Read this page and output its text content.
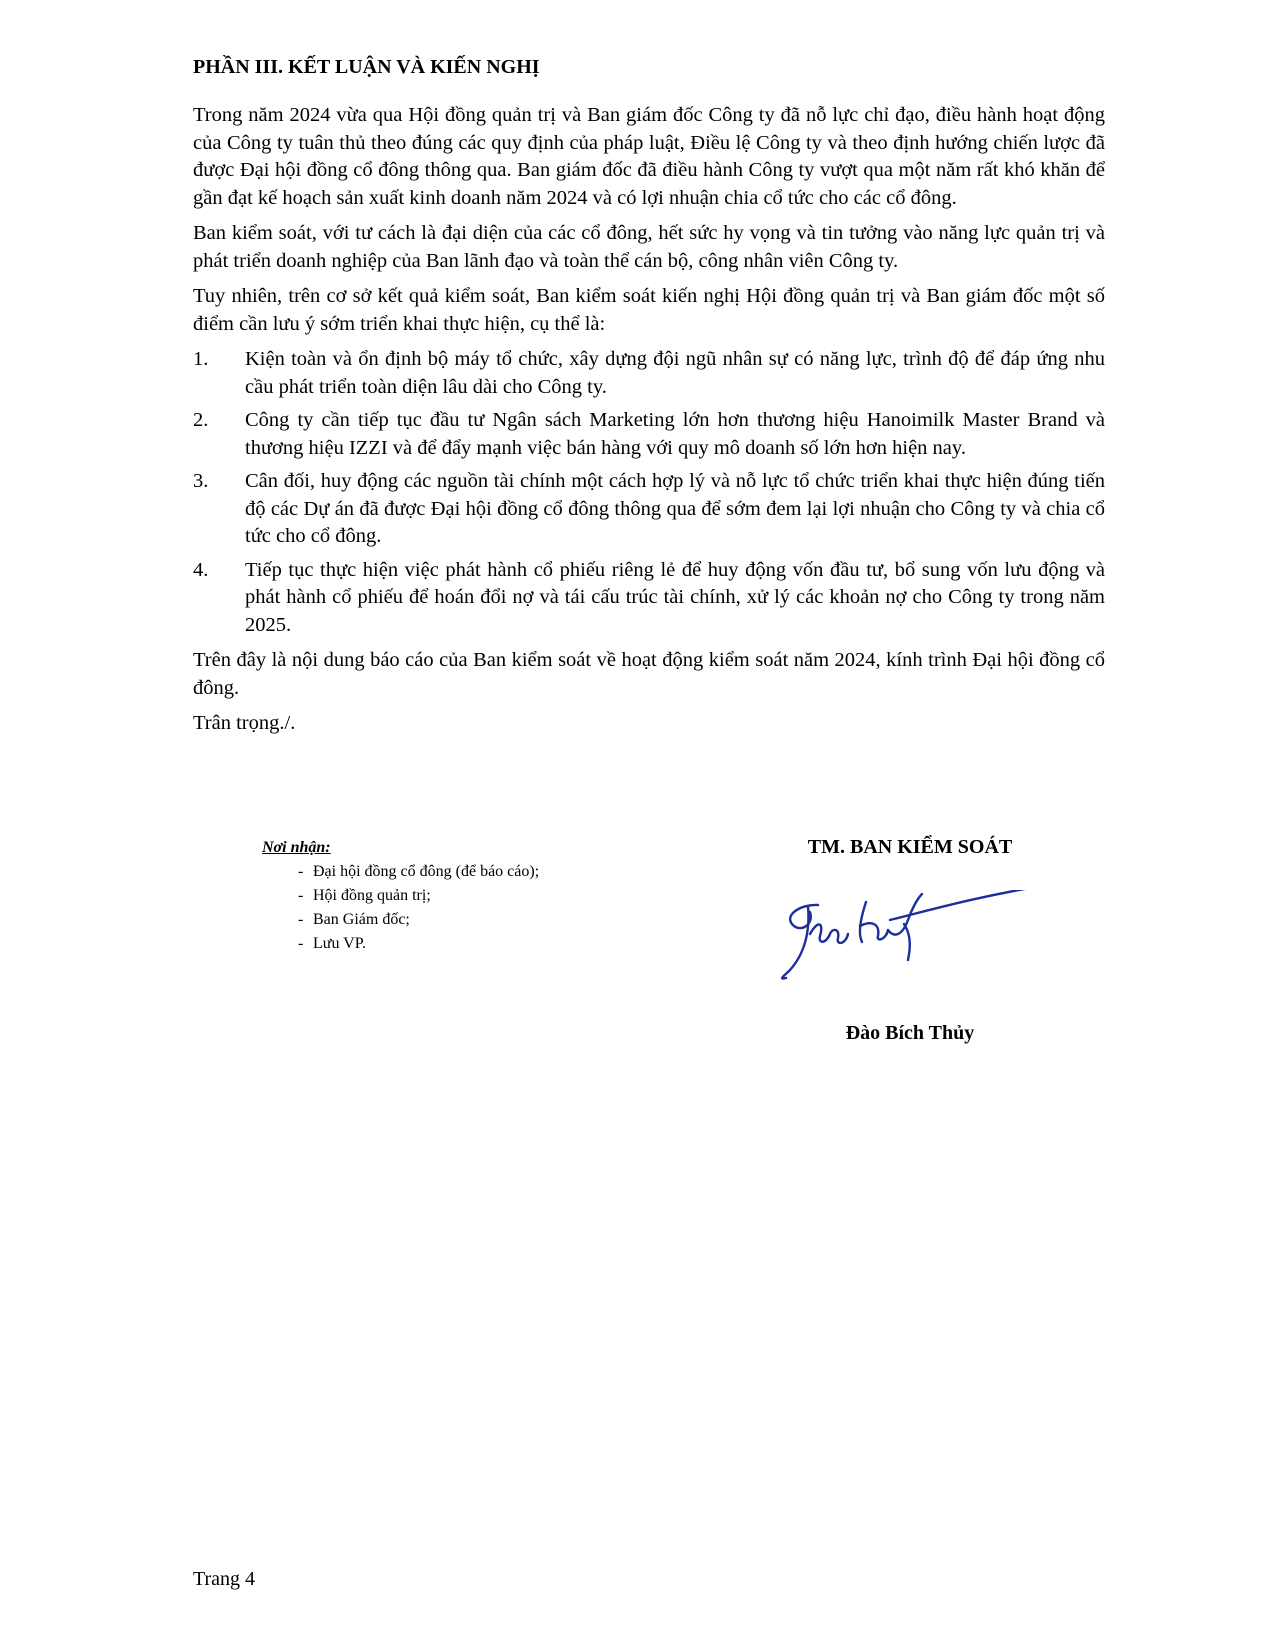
PHẦN III. KẾT LUẬN VÀ KIẾN NGHỊ

Trong năm 2024 vừa qua Hội đồng quản trị và Ban giám đốc Công ty đã nỗ lực chỉ đạo, điều hành hoạt động của Công ty tuân thủ theo đúng các quy định của pháp luật, Điều lệ Công ty và theo định hướng chiến lược đã được Đại hội đồng cổ đông thông qua. Ban giám đốc đã điều hành Công ty vượt qua một năm rất khó khăn để gần đạt kế hoạch sản xuất kinh doanh năm 2024 và có lợi nhuận chia cổ tức cho các cổ đông.

Ban kiểm soát, với tư cách là đại diện của các cổ đông, hết sức hy vọng và tin tưởng vào năng lực quản trị và phát triển doanh nghiệp của Ban lãnh đạo và toàn thể cán bộ, công nhân viên Công ty.

Tuy nhiên, trên cơ sở kết quả kiểm soát, Ban kiểm soát kiến nghị Hội đồng quản trị và Ban giám đốc một số điểm cần lưu ý sớm triển khai thực hiện, cụ thể là:

1. Kiện toàn và ổn định bộ máy tổ chức, xây dựng đội ngũ nhân sự có năng lực, trình độ để đáp ứng nhu cầu phát triển toàn diện lâu dài cho Công ty.
2. Công ty cần tiếp tục đầu tư Ngân sách Marketing lớn hơn thương hiệu Hanoimilk Master Brand và thương hiệu IZZI và để đẩy mạnh việc bán hàng với quy mô doanh số lớn hơn hiện nay.
3. Cân đối, huy động các nguồn tài chính một cách hợp lý và nỗ lực tổ chức triển khai thực hiện đúng tiến độ các Dự án đã được Đại hội đồng cổ đông thông qua để sớm đem lại lợi nhuận cho Công ty và chia cổ tức cho cổ đông.
4. Tiếp tục thực hiện việc phát hành cổ phiếu riêng lẻ để huy động vốn đầu tư, bổ sung vốn lưu động và phát hành cổ phiếu để hoán đổi nợ và tái cấu trúc tài chính, xử lý các khoản nợ cho Công ty trong năm 2025.

Trên đây là nội dung báo cáo của Ban kiểm soát về hoạt động kiểm soát năm 2024, kính trình Đại hội đồng cổ đông.

Trân trọng./.

Nơi nhận:
- Đại hội đồng cổ đông (để báo cáo);
- Hội đồng quản trị;
- Ban Giám đốc;
- Lưu VP.
TM. BAN KIỂM SOÁT
Đào Bích Thủy
Trang 4
